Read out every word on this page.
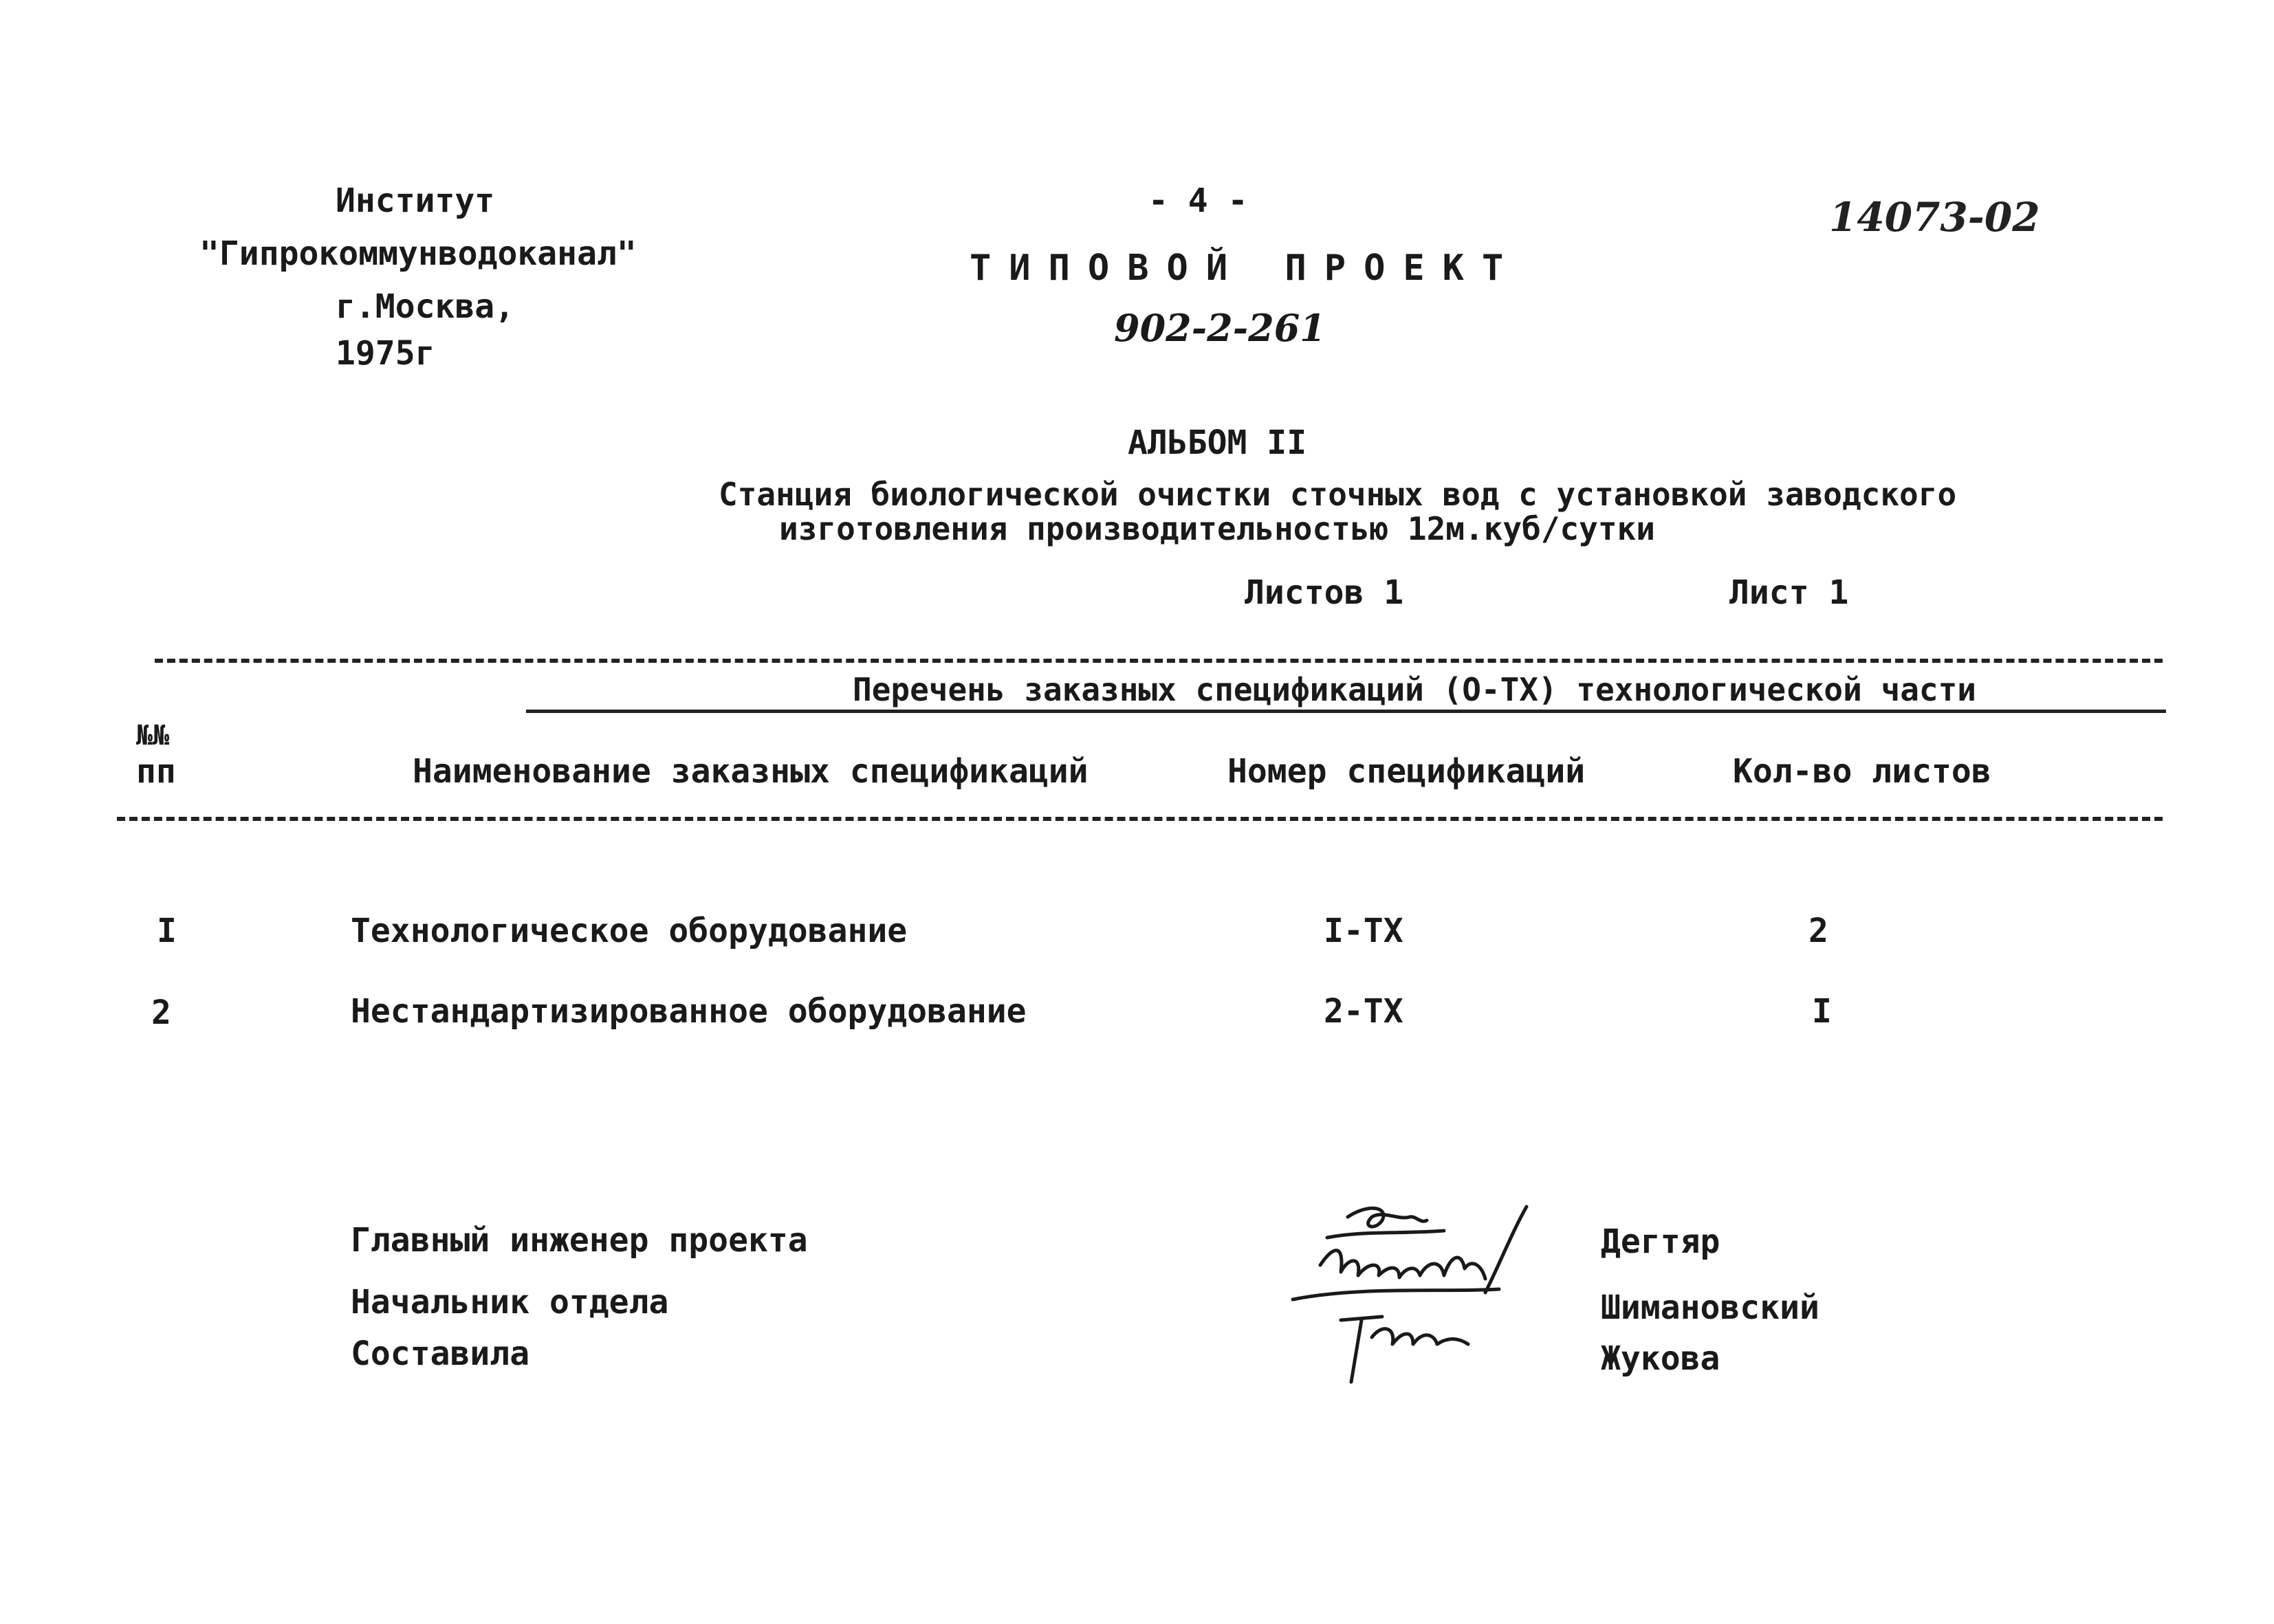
Институт
"Гипрокоммунводоканал"
г.Москва,
1975г
- 4 -	14073-02
ТИПОВОЙ ПРОЕКТ
902-2-261
АЛЬБОМ II
Станция биологической очистки сточных вод с установкой заводского
изготовления производительностью 12м.куб/сутки
Листов 1	Лист 1
Перечень заказных спецификаций (О-ТХ) технологической части
№№
пп	Наименование заказных спецификаций	Номер спецификаций	Кол-во листов
I	Технологическое оборудование	I-ТХ	2
2	Нестандартизированное оборудование	2-ТХ	I
Главный инженер проекта
Начальник отдела
Составила
Дегтяр
Шимановский
Жукова
